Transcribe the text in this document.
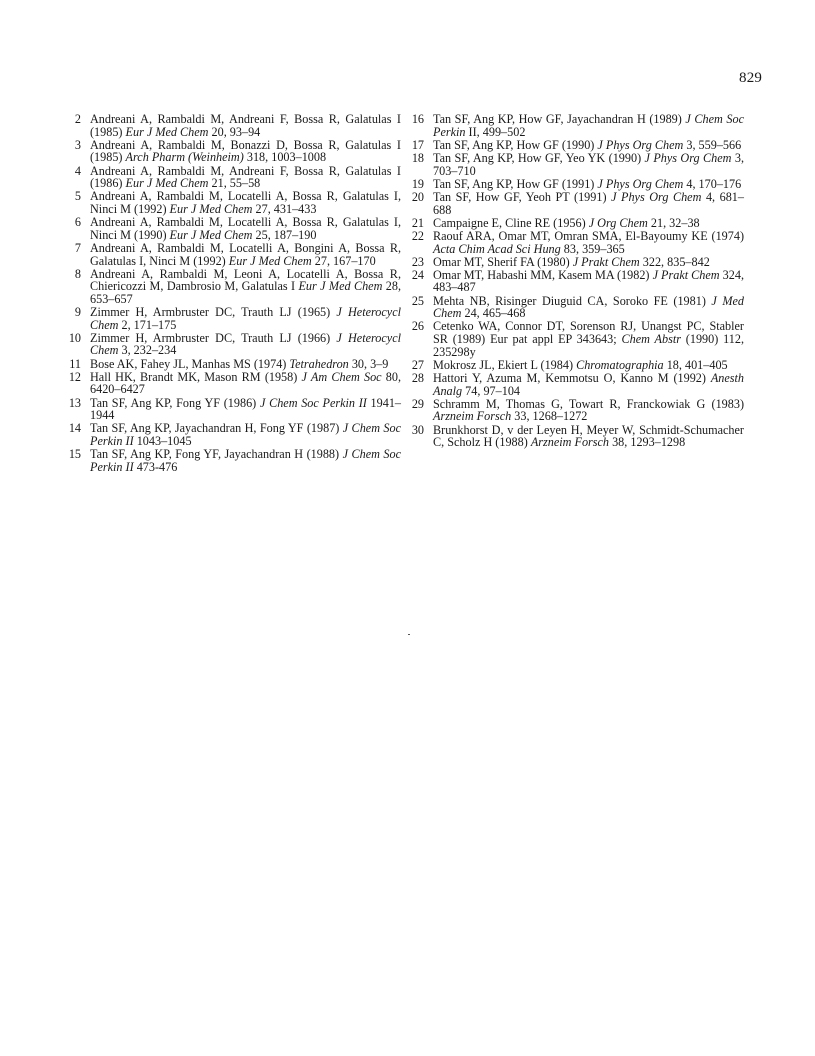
829
2 Andreani A, Rambaldi M, Andreani F, Bossa R, Galatulas I (1985) Eur J Med Chem 20, 93–94
3 Andreani A, Rambaldi M, Bonazzi D, Bossa R, Galatulas I (1985) Arch Pharm (Weinheim) 318, 1003–1008
4 Andreani A, Rambaldi M, Andreani F, Bossa R, Galatulas I (1986) Eur J Med Chem 21, 55–58
5 Andreani A, Rambaldi M, Locatelli A, Bossa R, Galatulas I, Ninci M (1992) Eur J Med Chem 27, 431–433
6 Andreani A, Rambaldi M, Locatelli A, Bossa R, Galatulas I, Ninci M (1990) Eur J Med Chem 25, 187–190
7 Andreani A, Rambaldi M, Locatelli A, Bongini A, Bossa R, Galatulas I, Ninci M (1992) Eur J Med Chem 27, 167–170
8 Andreani A, Rambaldi M, Leoni A, Locatelli A, Bossa R, Chiericozzi M, Dambrosio M, Galatulas I Eur J Med Chem 28, 653–657
9 Zimmer H, Armbruster DC, Trauth LJ (1965) J Heterocycl Chem 2, 171–175
10 Zimmer H, Armbruster DC, Trauth LJ (1966) J Heterocycl Chem 3, 232–234
11 Bose AK, Fahey JL, Manhas MS (1974) Tetrahedron 30, 3–9
12 Hall HK, Brandt MK, Mason RM (1958) J Am Chem Soc 80, 6420–6427
13 Tan SF, Ang KP, Fong YF (1986) J Chem Soc Perkin II 1941–1944
14 Tan SF, Ang KP, Jayachandran H, Fong YF (1987) J Chem Soc Perkin II 1043–1045
15 Tan SF, Ang KP, Fong YF, Jayachandran H (1988) J Chem Soc Perkin II 473-476
16 Tan SF, Ang KP, How GF, Jayachandran H (1989) J Chem Soc Perkin II, 499–502
17 Tan SF, Ang KP, How GF (1990) J Phys Org Chem 3, 559–566
18 Tan SF, Ang KP, How GF, Yeo YK (1990) J Phys Org Chem 3, 703–710
19 Tan SF, Ang KP, How GF (1991) J Phys Org Chem 4, 170–176
20 Tan SF, How GF, Yeoh PT (1991) J Phys Org Chem 4, 681–688
21 Campaigne E, Cline RE (1956) J Org Chem 21, 32–38
22 Raouf ARA, Omar MT, Omran SMA, El-Bayoumy KE (1974) Acta Chim Acad Sci Hung 83, 359–365
23 Omar MT, Sherif FA (1980) J Prakt Chem 322, 835–842
24 Omar MT, Habashi MM, Kasem MA (1982) J Prakt Chem 324, 483–487
25 Mehta NB, Risinger Diuguid CA, Soroko FE (1981) J Med Chem 24, 465–468
26 Cetenko WA, Connor DT, Sorenson RJ, Unangst PC, Stabler SR (1989) Eur pat appl EP 343643; Chem Abstr (1990) 112, 235298y
27 Mokrosz JL, Ekiert L (1984) Chromatographia 18, 401–405
28 Hattori Y, Azuma M, Kemmotsu O, Kanno M (1992) Anesth Analg 74, 97–104
29 Schramm M, Thomas G, Towart R, Franckowiak G (1983) Arzneim Forsch 33, 1268–1272
30 Brunkhorst D, v der Leyen H, Meyer W, Schmidt-Schumacher C, Scholz H (1988) Arzneim Forsch 38, 1293–1298
